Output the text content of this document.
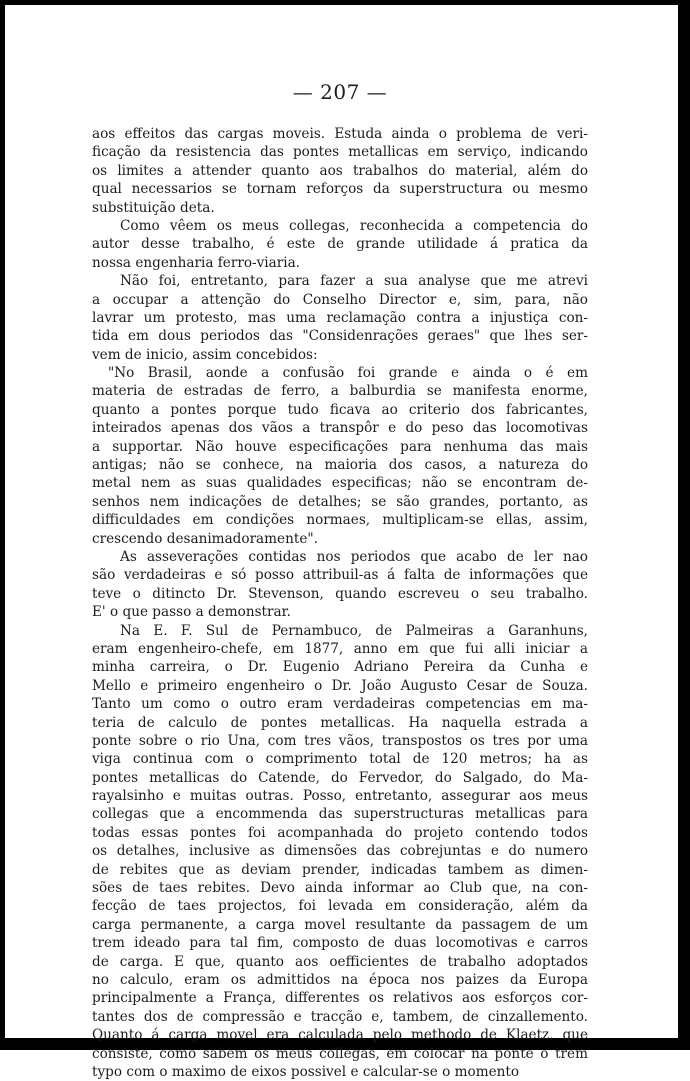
— 207 —
aos effeitos das cargas moveis. Estuda ainda o problema de veri-
ficação da resistencia das pontes metallicas em serviço, indicando
os limites a attender quanto aos trabalhos do material, além do
qual necessarios se tornam reforços da superstructura ou mesmo
substituição deta.
Como vêem os meus collegas, reconhecida a competencia do
autor desse trabalho, é este de grande utilidade á pratica da
nossa engenharia ferro-viaria.
Não foi, entretanto, para fazer a sua analyse que me atrevi
a occupar a attenção do Conselho Director e, sim, para, não
lavrar um protesto, mas uma reclamação contra a injustiça con-
tida em dous periodos das "Considenrações geraes" que lhes ser-
vem de inicio, assim concebidos:
"No Brasil, aonde a confusão foi grande e ainda o é em
materia de estradas de ferro, a balburdia se manifesta enorme,
quanto a pontes porque tudo ficava ao criterio dos fabricantes,
inteirados apenas dos vãos a transpôr e do peso das locomotivas
a supportar. Não houve especificações para nenhuma das mais
antigas; não se conhece, na maioria dos casos, a natureza do
metal nem as suas qualidades especificas; não se encontram de-
senhos nem indicações de detalhes; se são grandes, portanto, as
difficuldades em condições normaes, multiplicam-se ellas, assim,
crescendo desanimadoramente".
As asseverações contidas nos periodos que acabo de ler nao
são verdadeiras e só posso attribuil-as á falta de informações que
teve o ditincto Dr. Stevenson, quando escreveu o seu trabalho.
E' o que passo a demonstrar.
Na E. F. Sul de Pernambuco, de Palmeiras a Garanhuns,
eram engenheiro-chefe, em 1877, anno em que fui alli iniciar a
minha carreira, o Dr. Eugenio Adriano Pereira da Cunha e
Mello e primeiro engenheiro o Dr. João Augusto Cesar de Souza.
Tanto um como o outro eram verdadeiras competencias em ma-
teria de calculo de pontes metallicas. Ha naquella estrada a
ponte sobre o rio Una, com tres vãos, transpostos os tres por uma
viga continua com o comprimento total de 120 metros; ha as
pontes metallicas do Catende, do Fervedor, do Salgado, do Ma-
rayalsinho e muitas outras. Posso, entretanto, assegurar aos meus
collegas que a encommenda das superstructuras metallicas para
todas essas pontes foi acompanhada do projeto contendo todos
os detalhes, inclusive as dimensões das cobrejuntas e do numero
de rebites que as deviam prender, indicadas tambem as dimen-
sões de taes rebites. Devo ainda informar ao Club que, na con-
fecção de taes projectos, foi levada em consideração, além da
carga permanente, a carga movel resultante da passagem de um
trem ideado para tal fim, composto de duas locomotivas e carros
de carga. E que, quanto aos oefficientes de trabalho adoptados
no calculo, eram os admittidos na época nos paizes da Europa
principalmente a França, differentes os relativos aos esforços cor-
tantes dos de compressão e tracção e, tambem, de cinzallemento.
Quanto á carga movel era calculada pelo methodo de Klaetz, que
consiste, como sabem os meus collegas, em colocar na ponte o trem
typo com o maximo de eixos possivel e calcular-se o momento
